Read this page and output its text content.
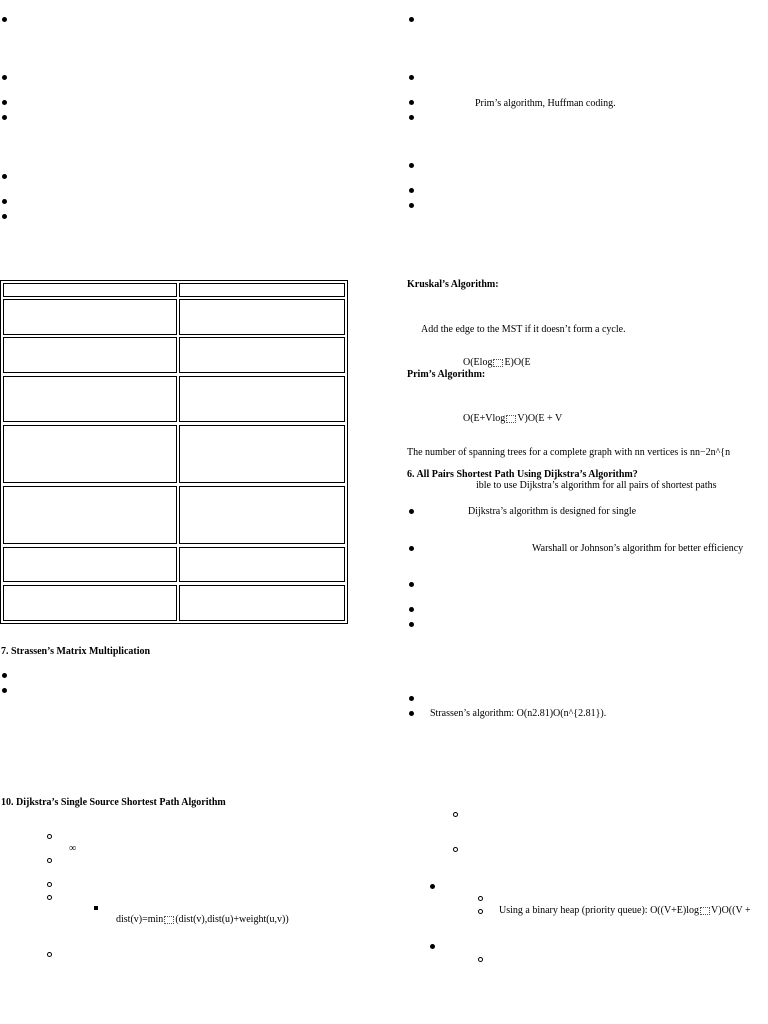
Prim’s algorithm, Huffman coding.
Kruskal’s Algorithm:
Add the edge to the MST if it doesn’t form a cycle.
O(Elog E)O(E
Prim’s Algorithm:
O(E+Vlog V)O(E + V
The number of spanning trees for a complete graph with nn vertices is nn−2n^{n
6. All Pairs Shortest Path Using Dijkstra’s Algorithm?
ible to use Dijkstra’s algorithm for all pairs of shortest paths
Dijkstra’s algorithm is designed for single
Warshall or Johnson’s algorithm for better efficiency
Strassen’s algorithm: O(n2.81)O(n^{2.81}).
7. Strassen’s Matrix Multiplication
10. Dijkstra’s Single Source Shortest Path Algorithm
∞
dist(v)=min (dist(v),dist(u)+weight(u,v))
Using a binary heap (priority queue): O((V+E)log V)O((V +
